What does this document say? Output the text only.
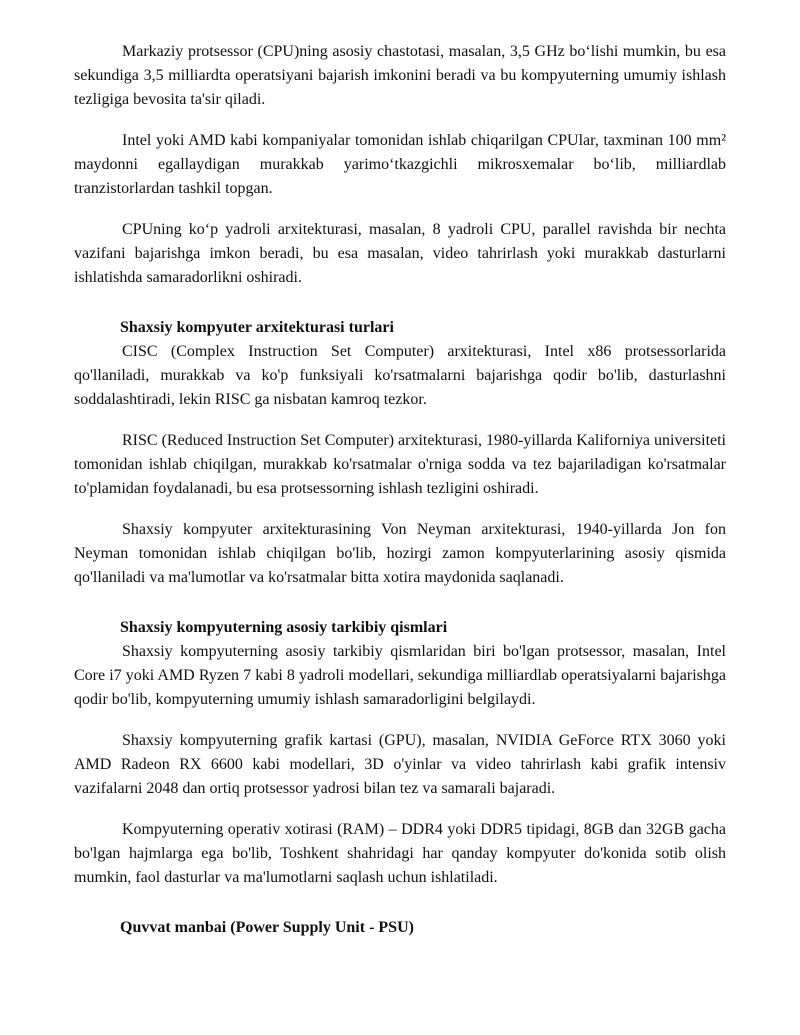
Markaziy protsessor (CPU)ning asosiy chastotasi, masalan, 3,5 GHz bo‘lishi mumkin, bu esa sekundiga 3,5 milliardta operatsiyani bajarish imkonini beradi va bu kompyuterning umumiy ishlash tezligiga bevosita ta'sir qiladi.

Intel yoki AMD kabi kompaniyalar tomonidan ishlab chiqarilgan CPUlar, taxminan 100 mm² maydonni egallaydigan murakkab yarimo‘tkazgichli mikrosxemalar bo‘lib, milliardlab tranzistorlardan tashkil topgan.

CPUning ko‘p yadroli arxitekturasi, masalan, 8 yadroli CPU, parallel ravishda bir nechta vazifani bajarishga imkon beradi, bu esa masalan, video tahrirlash yoki murakkab dasturlarni ishlatishda samaradorlikni oshiradi.

Shaxsiy kompyuter arxitekturasi turlari

CISC (Complex Instruction Set Computer) arxitekturasi, Intel x86 protsessorlarida qo'llaniladi, murakkab va ko'p funksiyali ko'rsatmalarni bajarishga qodir bo'lib, dasturlashni soddalashtiradi, lekin RISC ga nisbatan kamroq tezkor.

RISC (Reduced Instruction Set Computer) arxitekturasi, 1980-yillarda Kaliforniya universiteti tomonidan ishlab chiqilgan, murakkab ko'rsatmalar o'rniga sodda va tez bajariladigan ko'rsatmalar to'plamidan foydalanadi, bu esa protsessorning ishlash tezligini oshiradi.

Shaxsiy kompyuter arxitekturasining Von Neyman arxitekturasi, 1940-yillarda Jon fon Neyman tomonidan ishlab chiqilgan bo'lib, hozirgi zamon kompyuterlarining asosiy qismida qo'llaniladi va ma'lumotlar va ko'rsatmalar bitta xotira maydonida saqlanadi.

Shaxsiy kompyuterning asosiy tarkibiy qismlari

Shaxsiy kompyuterning asosiy tarkibiy qismlaridan biri bo'lgan protsessor, masalan, Intel Core i7 yoki AMD Ryzen 7 kabi 8 yadroli modellari, sekundiga milliardlab operatsiyalarni bajarishga qodir bo'lib, kompyuterning umumiy ishlash samaradorligini belgilaydi.

Shaxsiy kompyuterning grafik kartasi (GPU), masalan, NVIDIA GeForce RTX 3060 yoki AMD Radeon RX 6600 kabi modellari, 3D o'yinlar va video tahrirlash kabi grafik intensiv vazifalarni 2048 dan ortiq protsessor yadrosi bilan tez va samarali bajaradi.

Kompyuterning operativ xotirasi (RAM) – DDR4 yoki DDR5 tipidagi, 8GB dan 32GB gacha bo'lgan hajmlarga ega bo'lib, Toshkent shahridagi har qanday kompyuter do'konida sotib olish mumkin, faol dasturlar va ma'lumotlarni saqlash uchun ishlatiladi.

Quvvat manbai (Power Supply Unit - PSU)
